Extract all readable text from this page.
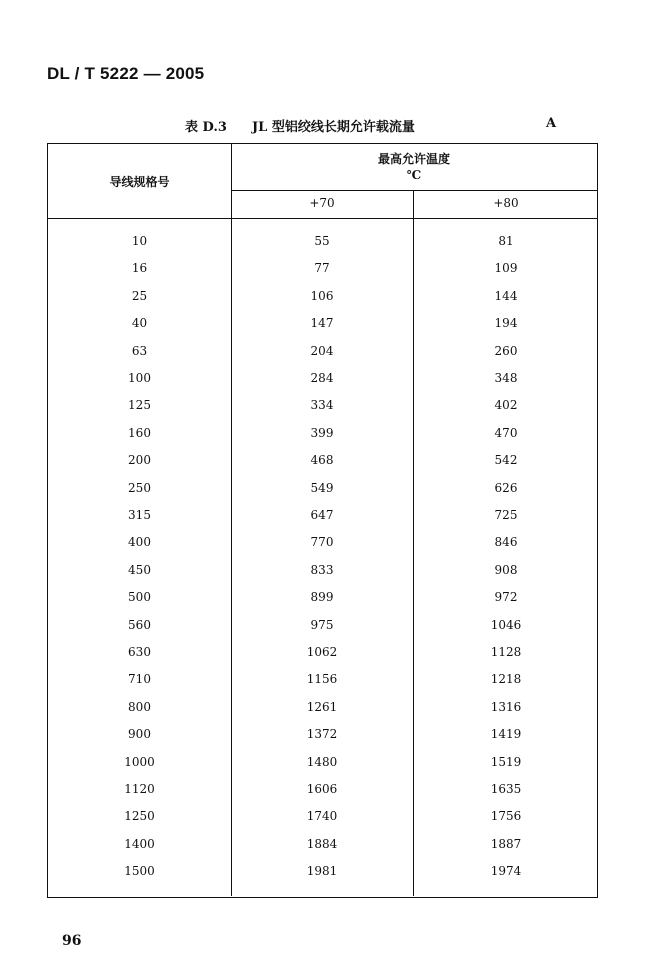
DL / T 5222 — 2005
表 D.3 JL 型铝绞线长期允许载流量	A
导线规格号
最高允许温度
℃
+70	+80
10	55	81
16	77	109
25	106	144
40	147	194
63	204	260
100	284	348
125	334	402
160	399	470
200	468	542
250	549	626
315	647	725
400	770	846
450	833	908
500	899	972
560	975	1046
630	1062	1128
710	1156	1218
800	1261	1316
900	1372	1419
1000	1480	1519
1120	1606	1635
1250	1740	1756
1400	1884	1887
1500	1981	1974
96
